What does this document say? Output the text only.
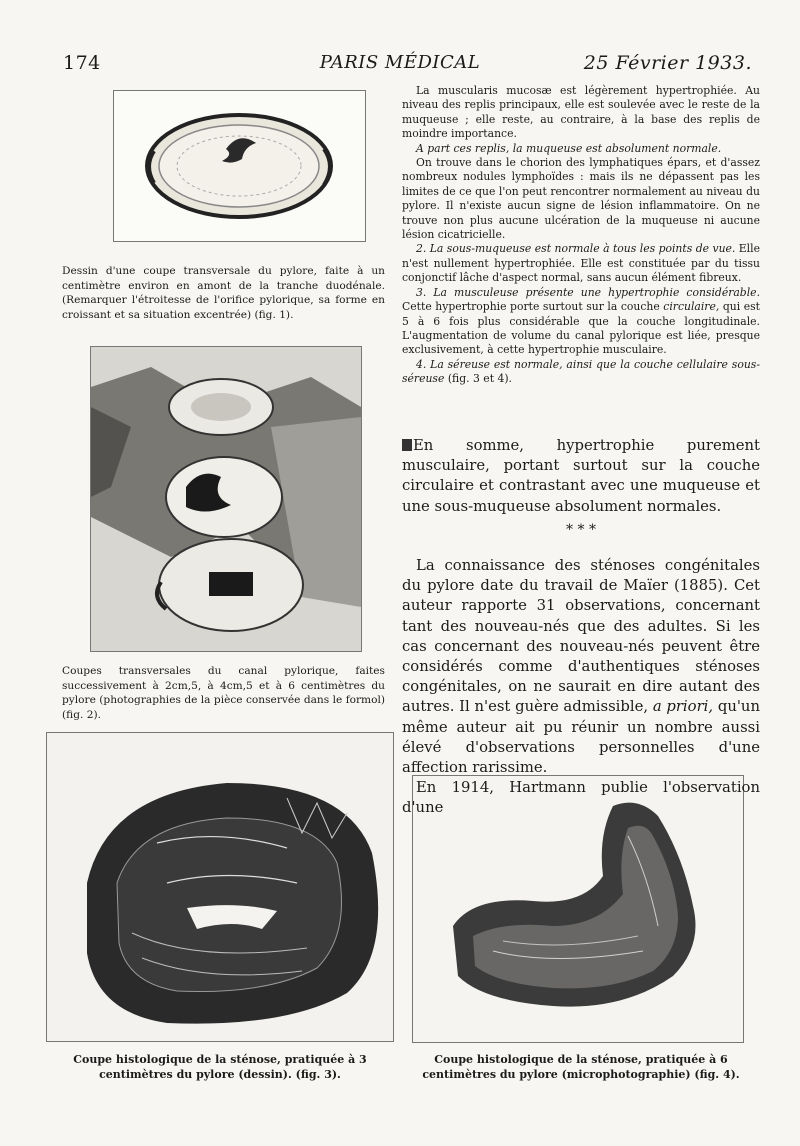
174	PARIS MÉDICAL	25 Février 1933.
Dessin d'une coupe transversale du pylore, faite à un centimètre environ en amont de la tranche duodénale. (Remarquer l'étroitesse de l'orifice pylorique, sa forme en croissant et sa situation excentrée) (fig. 1).
Coupes transversales du canal pylorique, faites successivement à 2cm,5, à 4cm,5 et à 6 centimètres du pylore (photographies de la pièce conservée dans le formol) (fig. 2).
Coupe histologique de la sténose, pratiquée à 3 centimètres du pylore (dessin). (fig. 3).
Coupe histologique de la sténose, pratiquée à 6 centimètres du pylore (microphotographie) (fig. 4).

La muscularis mucosæ est légèrement hypertrophiée. Au niveau des replis principaux, elle est soulevée avec le reste de la muqueuse ; elle reste, au contraire, à la base des replis de moindre importance.

A part ces replis, la muqueuse est absolument normale.

On trouve dans le chorion des lymphatiques épars, et d'assez nombreux nodules lymphoïdes : mais ils ne dépassent pas les limites de ce que l'on peut rencontrer normalement au niveau du pylore. Il n'existe aucun signe de lésion inflammatoire. On ne trouve non plus aucune ulcération de la muqueuse ni aucune lésion cicatricielle.

2. La sous-muqueuse est normale à tous les points de vue. Elle n'est nullement hypertrophiée. Elle est constituée par du tissu conjonctif lâche d'aspect normal, sans aucun élément fibreux.

3. La musculeuse présente une hypertrophie considérable. Cette hypertrophie porte surtout sur la couche circulaire, qui est 5 à 6 fois plus considérable que la couche longitudinale. L'augmentation de volume du canal pylorique est liée, presque exclusivement, à cette hypertrophie musculaire.

4. La séreuse est normale, ainsi que la couche cellulaire sous-séreuse (fig. 3 et 4).

En somme, hypertrophie purement musculaire, portant surtout sur la couche circulaire et contrastant avec une muqueuse et une sous-muqueuse absolument normales.

* * *

La connaissance des sténoses congénitales du pylore date du travail de Maïer (1885). Cet auteur rapporte 31 observations, concernant tant des nouveau-nés que des adultes. Si les cas concernant des nouveau-nés peuvent être considérés comme d'authentiques sténoses congénitales, on ne saurait en dire autant des autres. Il n'est guère admissible, a priori, qu'un même auteur ait pu réunir un nombre aussi élevé d'observations personnelles d'une affection rarissime.

En 1914, Hartmann publie l'observation d'une
